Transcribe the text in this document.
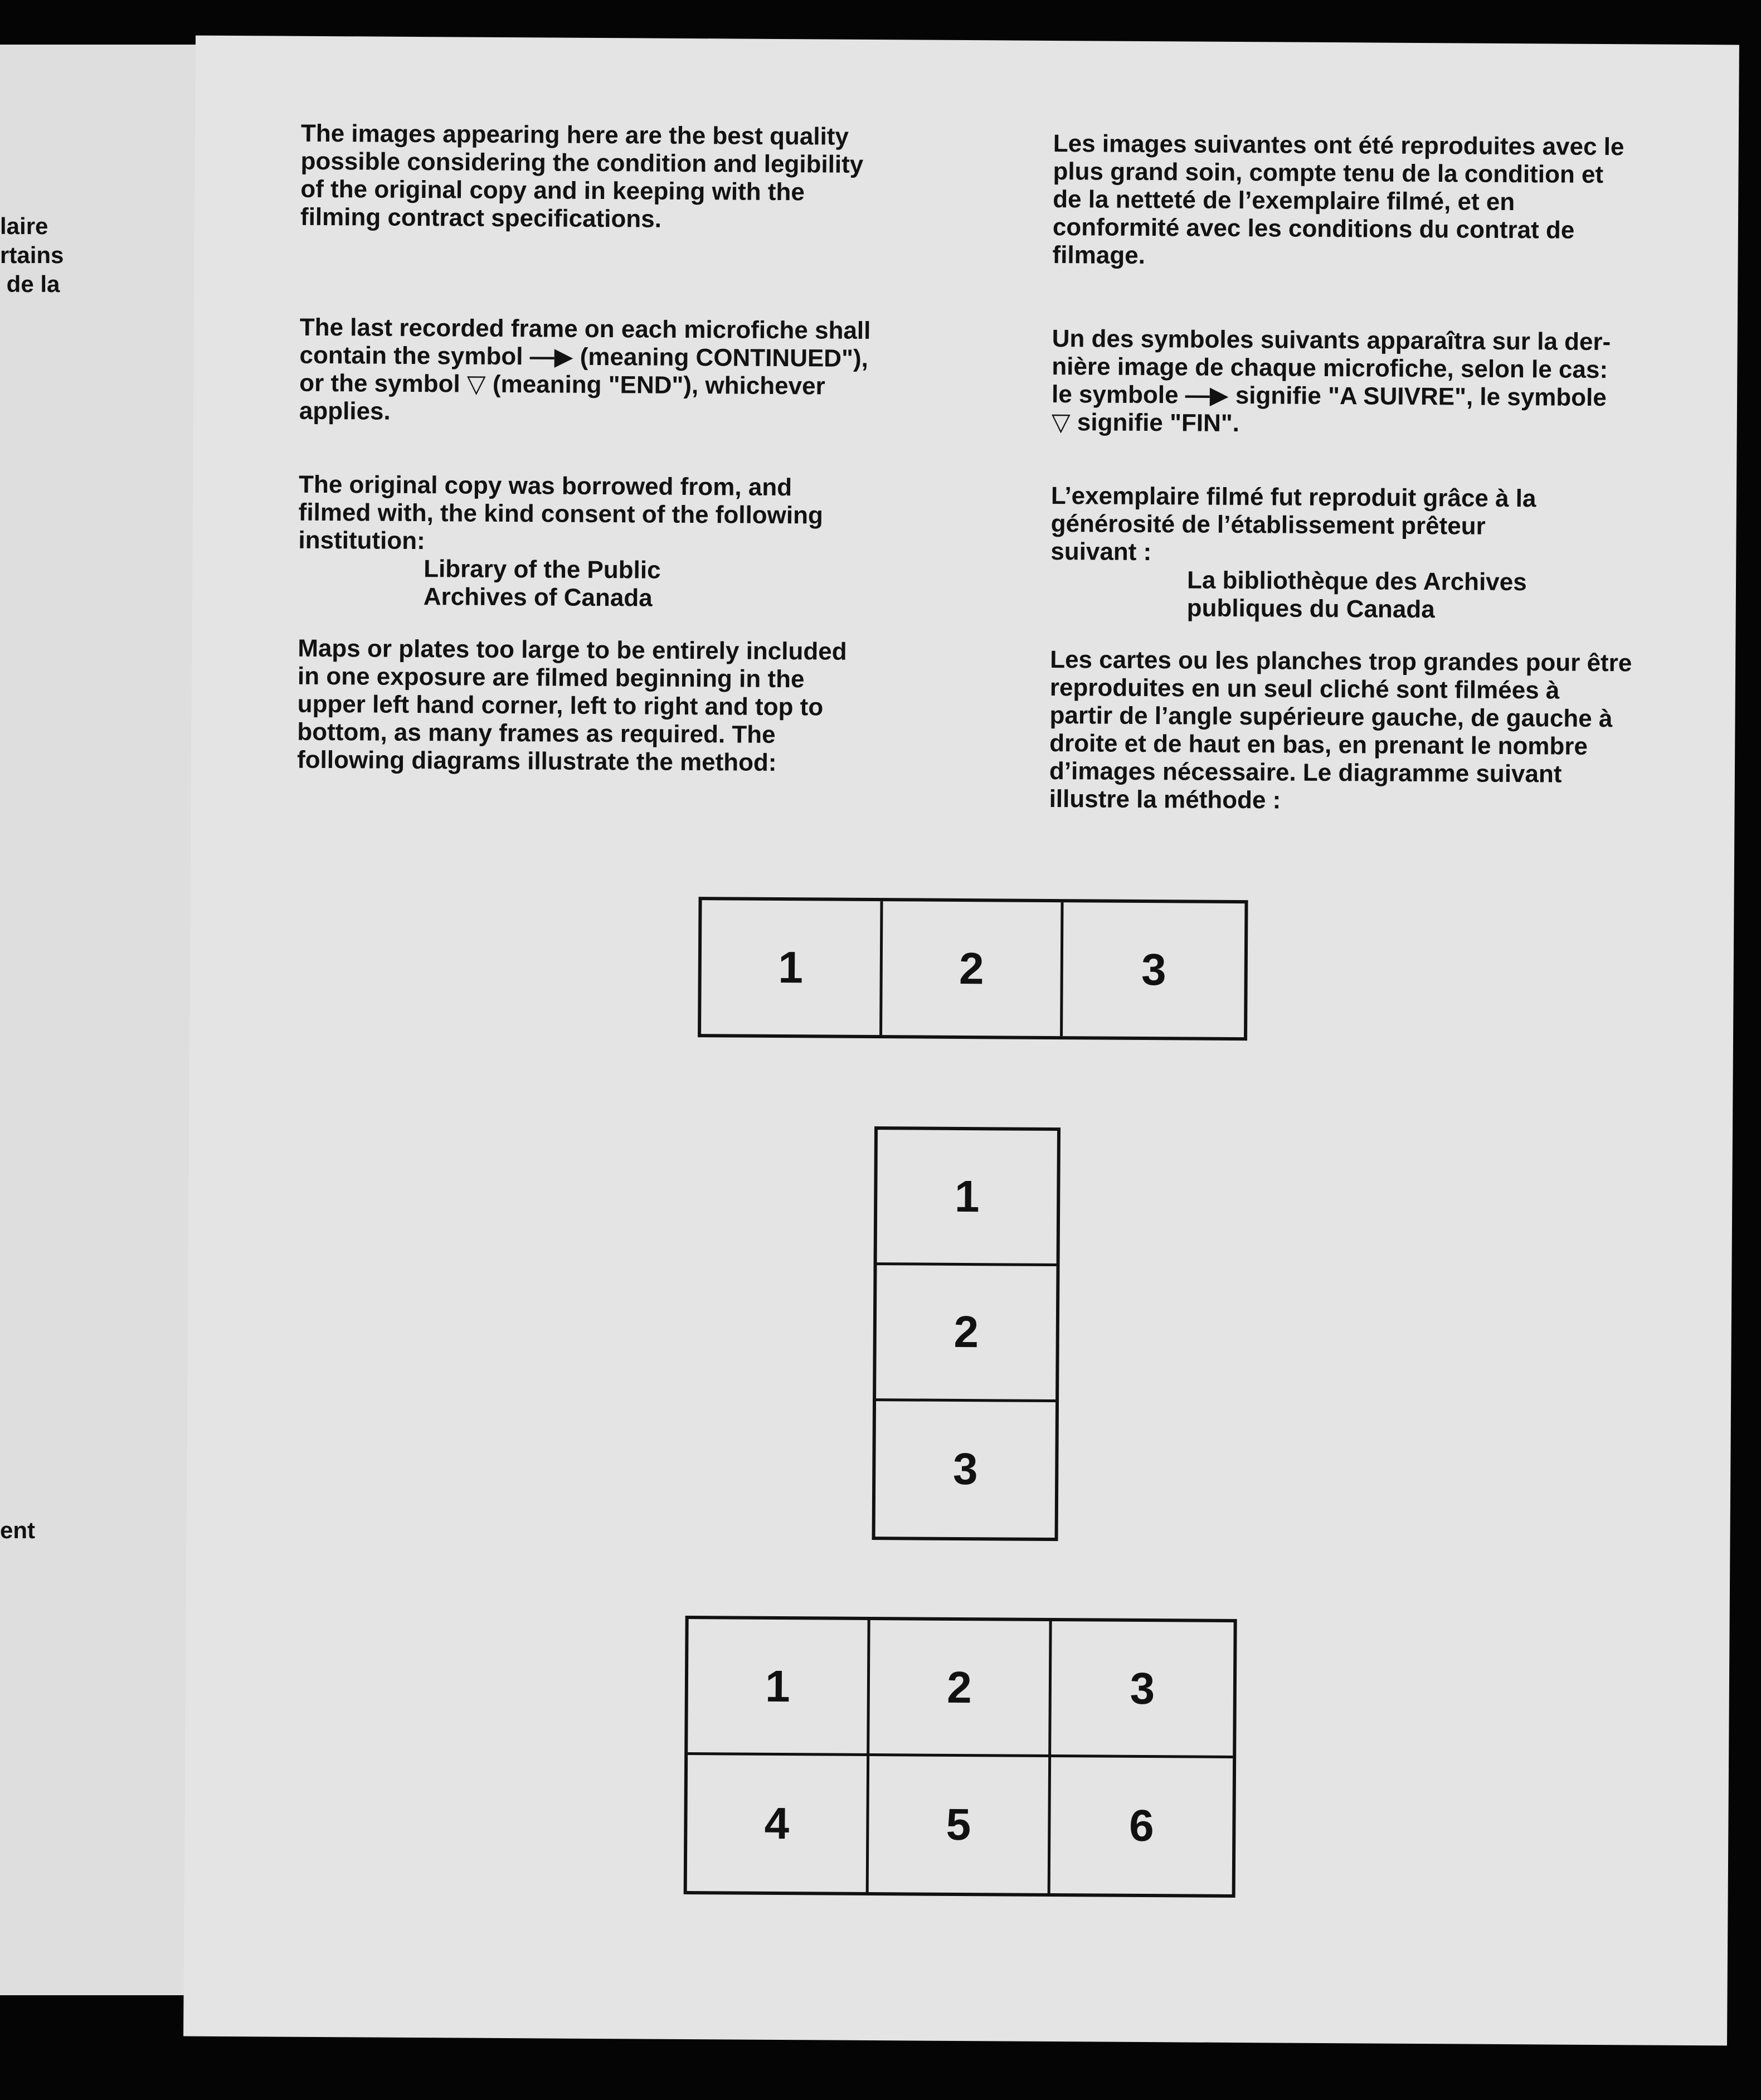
laire
rtains
de la

ent

The images appearing here are the best quality
possible considering the condition and legibility
of the original copy and in keeping with the
filming contract specifications.

The last recorded frame on each microfiche shall
contain the symbol —▶ (meaning CONTINUED"),
or the symbol ▽ (meaning "END"), whichever
applies.

The original copy was borrowed from, and
filmed with, the kind consent of the following
institution:

Library of the Public
Archives of Canada

Maps or plates too large to be entirely included
in one exposure are filmed beginning in the
upper left hand corner, left to right and top to
bottom, as many frames as required. The
following diagrams illustrate the method:

Les images suivantes ont été reproduites avec le
plus grand soin, compte tenu de la condition et
de la netteté de l’exemplaire filmé, et en
conformité avec les conditions du contrat de
filmage.

Un des symboles suivants apparaîtra sur la der-
nière image de chaque microfiche, selon le cas:
le symbole —▶ signifie "A SUIVRE", le symbole
▽ signifie "FIN".

L’exemplaire filmé fut reproduit grâce à la
générosité de l’établissement prêteur
suivant :

La bibliothèque des Archives
publiques du Canada

Les cartes ou les planches trop grandes pour être
reproduites en un seul cliché sont filmées à
partir de l’angle supérieure gauche, de gauche à
droite et de haut en bas, en prenant le nombre
d’images nécessaire. Le diagramme suivant
illustre la méthode :

1	2	3
1
2
3
1	2	3
4	5	6
